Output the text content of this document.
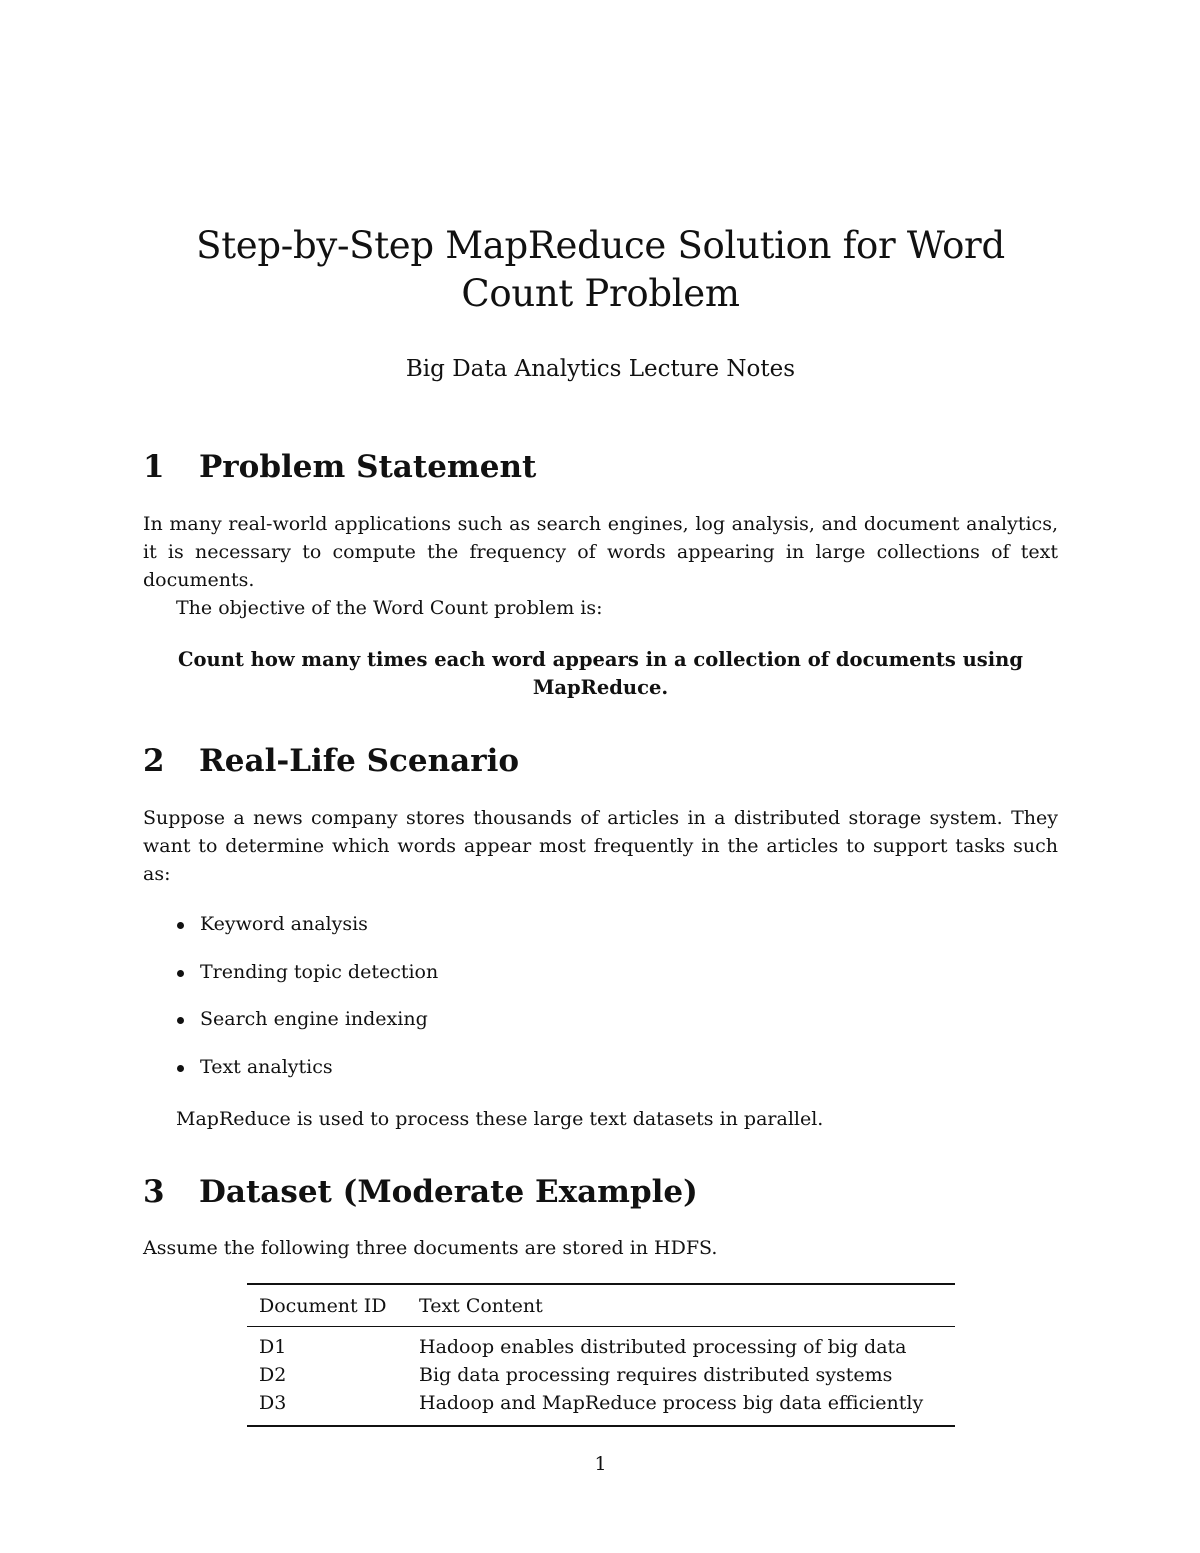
Step-by-Step MapReduce Solution for Word Count Problem
Big Data Analytics Lecture Notes
1 Problem Statement

In many real-world applications such as search engines, log analysis, and document analytics, it is necessary to compute the frequency of words appearing in large collections of text documents.

The objective of the Word Count problem is:

Count how many times each word appears in a collection of documents using MapReduce.

2 Real-Life Scenario

Suppose a news company stores thousands of articles in a distributed storage system. They want to determine which words appear most frequently in the articles to support tasks such as:

Keyword analysis
Trending topic detection
Search engine indexing
Text analytics

MapReduce is used to process these large text datasets in parallel.

3 Dataset (Moderate Example)

Assume the following three documents are stored in HDFS.

Document ID	Text Content
D1	Hadoop enables distributed processing of big data
D2	Big data processing requires distributed systems
D3	Hadoop and MapReduce process big data efficiently
1
